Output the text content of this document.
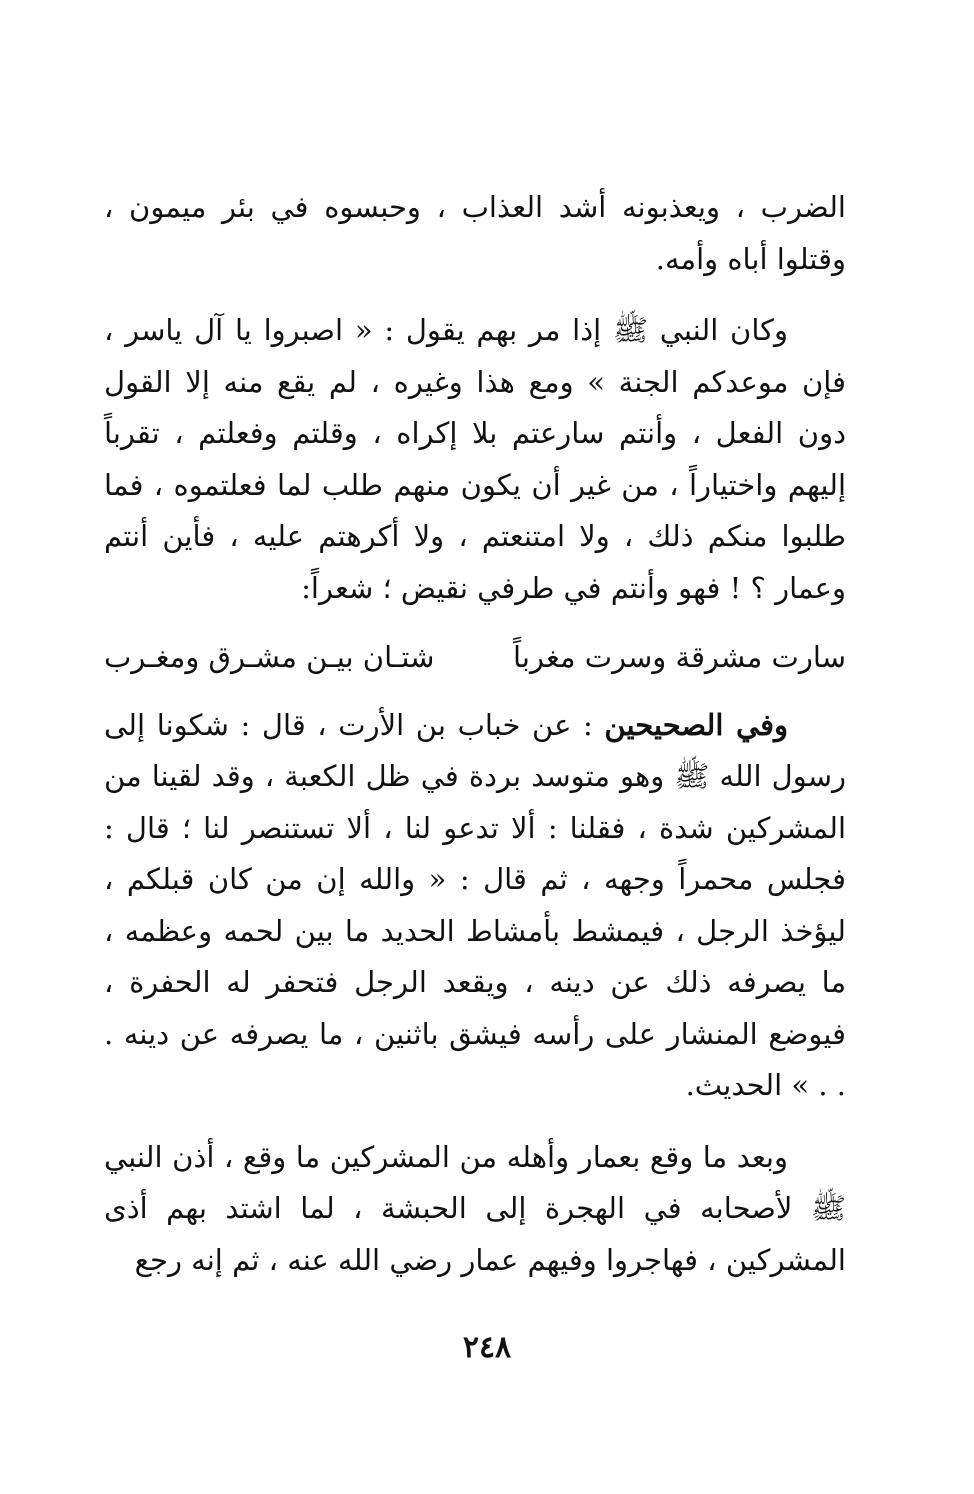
الضرب ، ويعذبونه أشد العذاب ، وحبسوه في بئر ميمون ، وقتلوا أباه وأمه.

وكان النبي ﷺ إذا مر بهم يقول : « اصبروا يا آل ياسر ، فإن موعدكم الجنة » ومع هذا وغيره ، لم يقع منه إلا القول دون الفعل ، وأنتم سارعتم بلا إكراه ، وقلتم وفعلتم ، تقرباً إليهم واختياراً ، من غير أن يكون منهم طلب لما فعلتموه ، فما طلبوا منكم ذلك ، ولا امتنعتم ، ولا أكرهتم عليه ، فأين أنتم وعمار ؟ ! فهو وأنتم في طرفي نقيض ؛ شعراً:

سارت مشرقة وسرت مغرباً
شتـان بيـن مشـرق ومغـرب

وفي الصحيحين : عن خباب بن الأرت ، قال : شكونا إلى رسول الله ﷺ وهو متوسد بردة في ظل الكعبة ، وقد لقينا من المشركين شدة ، فقلنا : ألا تدعو لنا ، ألا تستنصر لنا ؛ قال : فجلس محمراً وجهه ، ثم قال : « والله إن من كان قبلكم ، ليؤخذ الرجل ، فيمشط بأمشاط الحديد ما بين لحمه وعظمه ، ما يصرفه ذلك عن دينه ، ويقعد الرجل فتحفر له الحفرة ، فيوضع المنشار على رأسه فيشق باثنين ، ما يصرفه عن دينه . . . » الحديث.

وبعد ما وقع بعمار وأهله من المشركين ما وقع ، أذن النبي ﷺ لأصحابه في الهجرة إلى الحبشة ، لما اشتد بهم أذى المشركين ، فهاجروا وفيهم عمار رضي الله عنه ، ثم إنه رجع

٢٤٨
